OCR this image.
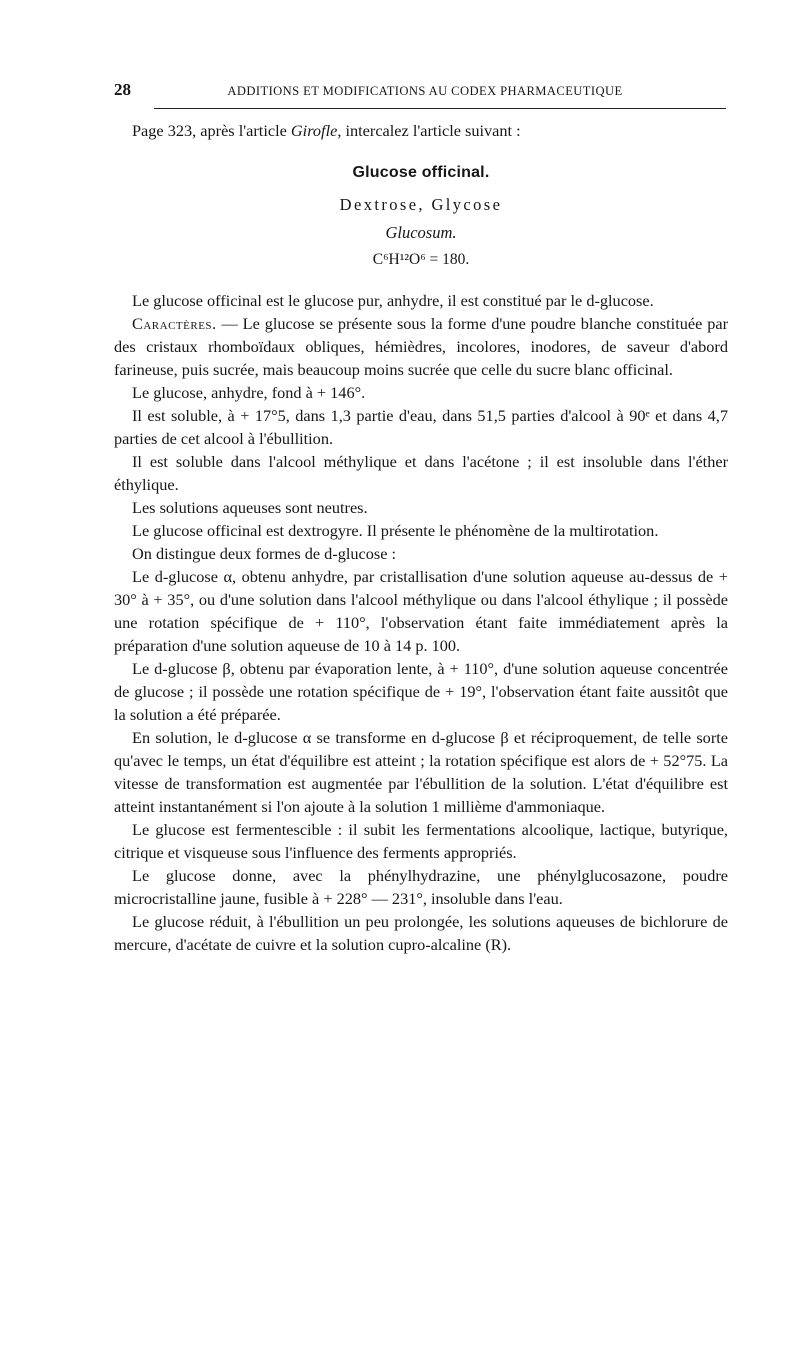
28	ADDITIONS ET MODIFICATIONS AU CODEX PHARMACEUTIQUE

Page 323, après l'article Girofle, intercalez l'article suivant :

Glucose officinal.
Dextrose, Glycose
Glucosum.
C⁶H¹²O⁶ = 180.

Le glucose officinal est le glucose pur, anhydre, il est constitué par le d-glucose.

Caractères. — Le glucose se présente sous la forme d'une poudre blanche constituée par des cristaux rhomboïdaux obliques, hémièdres, incolores, inodores, de saveur d'abord farineuse, puis sucrée, mais beaucoup moins sucrée que celle du sucre blanc officinal.

Le glucose, anhydre, fond à + 146°.

Il est soluble, à + 17°5, dans 1,3 partie d'eau, dans 51,5 parties d'alcool à 90ᵉ et dans 4,7 parties de cet alcool à l'ébullition.

Il est soluble dans l'alcool méthylique et dans l'acétone ; il est insoluble dans l'éther éthylique.

Les solutions aqueuses sont neutres.

Le glucose officinal est dextrogyre. Il présente le phénomène de la multirotation.

On distingue deux formes de d-glucose :

Le d-glucose α, obtenu anhydre, par cristallisation d'une solution aqueuse au-dessus de + 30° à + 35°, ou d'une solution dans l'alcool méthylique ou dans l'alcool éthylique ; il possède une rotation spécifique de + 110°, l'observation étant faite immédiatement après la préparation d'une solution aqueuse de 10 à 14 p. 100.

Le d-glucose β, obtenu par évaporation lente, à + 110°, d'une solution aqueuse concentrée de glucose ; il possède une rotation spécifique de + 19°, l'observation étant faite aussitôt que la solution a été préparée.

En solution, le d-glucose α se transforme en d-glucose β et réciproquement, de telle sorte qu'avec le temps, un état d'équilibre est atteint ; la rotation spécifique est alors de + 52°75. La vitesse de transformation est augmentée par l'ébullition de la solution. L'état d'équilibre est atteint instantanément si l'on ajoute à la solution 1 millième d'ammoniaque.

Le glucose est fermentescible : il subit les fermentations alcoolique, lactique, butyrique, citrique et visqueuse sous l'influence des ferments appropriés.

Le glucose donne, avec la phénylhydrazine, une phénylglucosazone, poudre microcristalline jaune, fusible à + 228° — 231°, insoluble dans l'eau.

Le glucose réduit, à l'ébullition un peu prolongée, les solutions aqueuses de bichlorure de mercure, d'acétate de cuivre et la solution cupro-alcaline (R).
